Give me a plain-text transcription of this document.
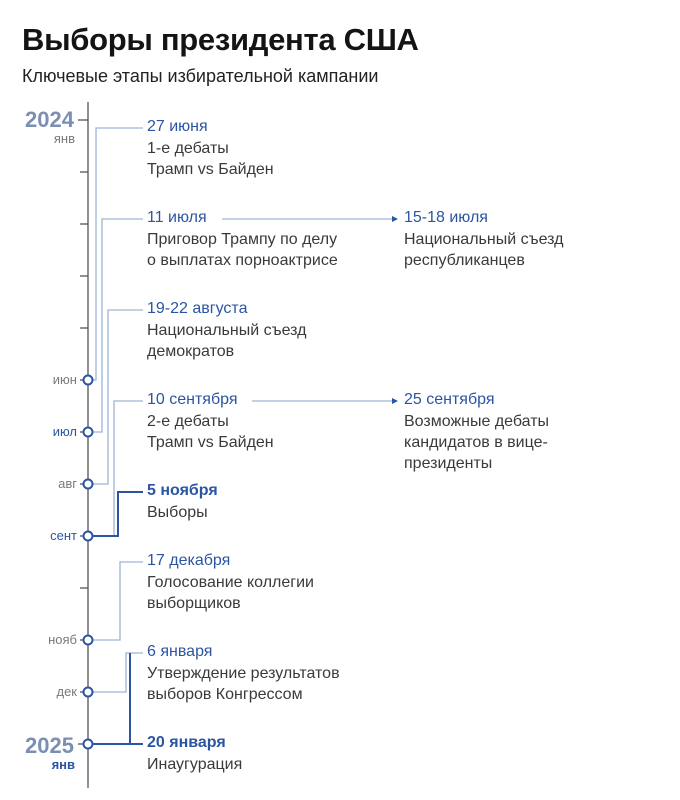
Выборы президента США
Ключевые этапы избирательной кампании
2024
янв
2025
янв
июн
июл
авг
сент
нояб
дек
27 июня
1-е дебаты
Трамп vs Байден
11 июля
Приговор Трампу по делу
о выплатах порноактрисе
19-22 августа
Национальный съезд
демократов
10 сентября
2-е дебаты
Трамп vs Байден
5 ноября
Выборы
17 декабря
Голосование коллегии
выборщиков
6 января
Утверждение результатов
выборов Конгрессом
20 января
Инаугурация
15-18 июля
Национальный съезд
республиканцев
25 сентября
Возможные дебаты
кандидатов в вице-
президенты
